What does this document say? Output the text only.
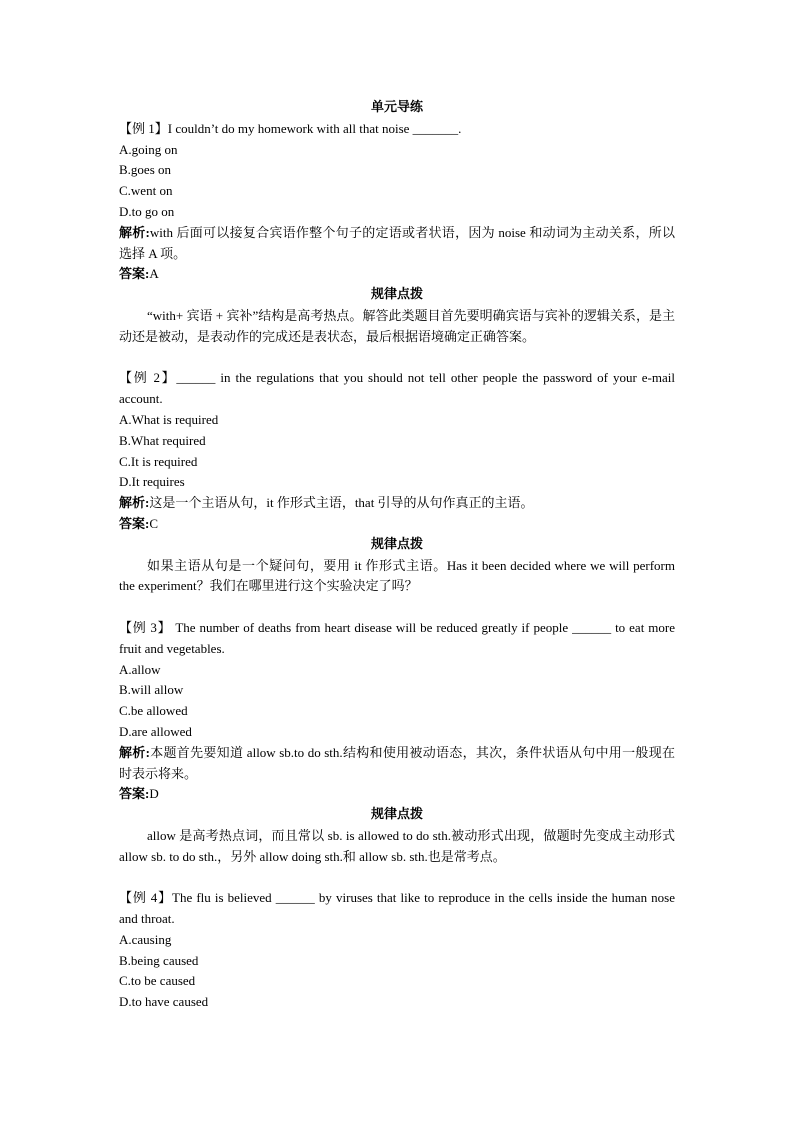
单元导练
【例 1】I couldn’t do my homework with all that noise _______.
A.going on
B.goes on
C.went on
D.to go on
解析:with 后面可以接复合宾语作整个句子的定语或者状语，因为 noise 和动词为主动关系，所以选择 A 项。
答案:A
规律点拨
“with+ 宾语 + 宾补”结构是高考热点。解答此类题目首先要明确宾语与宾补的逻辑关系，是主动还是被动，是表动作的完成还是表状态，最后根据语境确定正确答案。
【例 2】______ in the regulations that you should not tell other people the password of your e-mail account.
A.What is required
B.What required
C.It is required
D.It requires
解析:这是一个主语从句，it 作形式主语，that 引导的从句作真正的主语。
答案:C
规律点拨
如果主语从句是一个疑问句，要用 it 作形式主语。Has it been decided where we will perform the experiment？我们在哪里进行这个实验决定了吗？
【例 3】 The number of deaths from heart disease will be reduced greatly if people ______ to eat more fruit and vegetables.
A.allow
B.will allow
C.be allowed
D.are allowed
解析:本题首先要知道 allow sb.to do sth.结构和使用被动语态，其次，条件状语从句中用一般现在时表示将来。
答案:D
规律点拨
allow 是高考热点词，而且常以 sb. is allowed to do sth.被动形式出现，做题时先变成主动形式 allow sb. to do sth.，另外 allow doing sth.和 allow sb. sth.也是常考点。
【例 4】The flu is believed ______ by viruses that like to reproduce in the cells inside the human nose and throat.
A.causing
B.being caused
C.to be caused
D.to have caused
